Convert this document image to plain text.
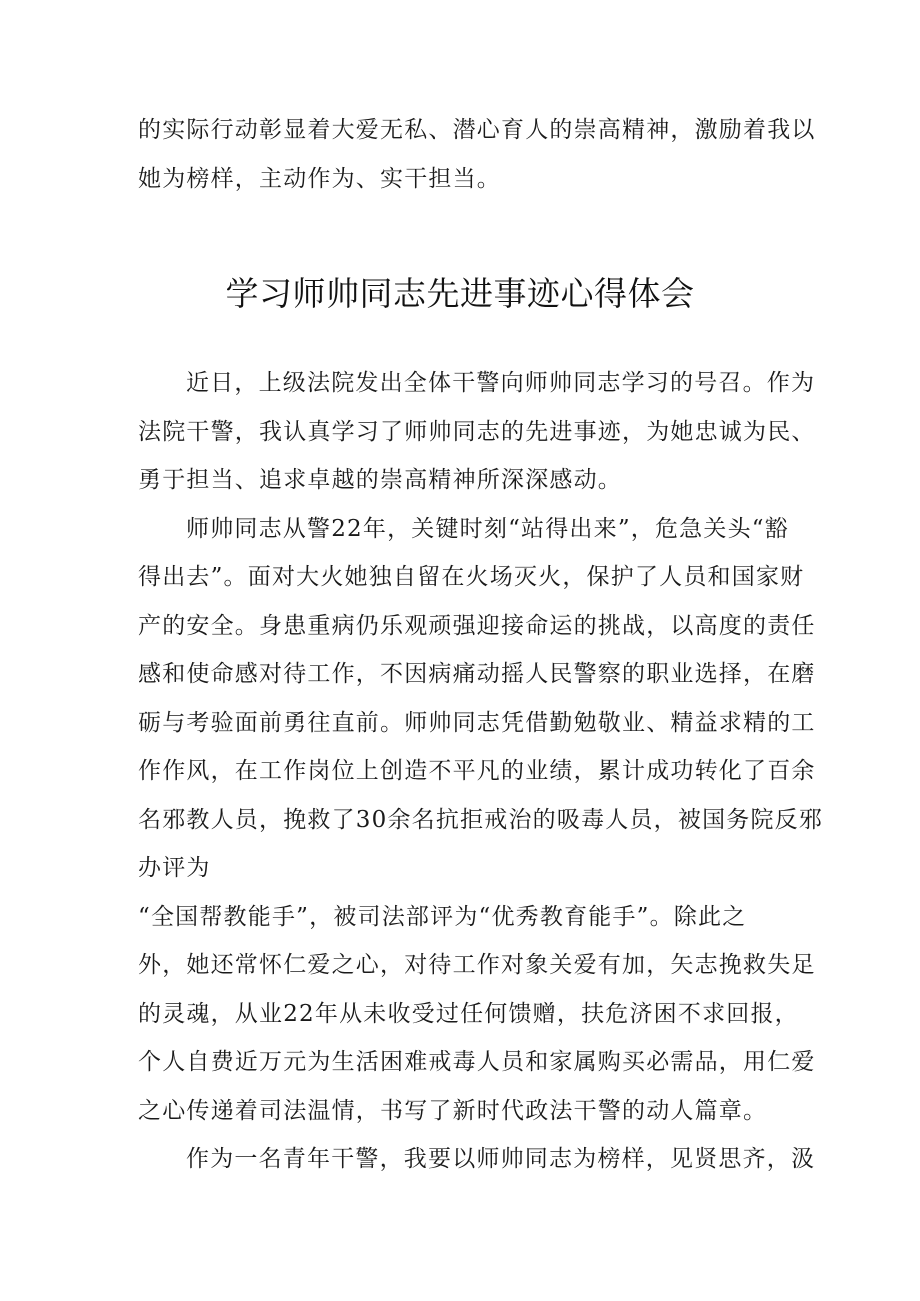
的实际行动彰显着大爱无私、潜心育人的崇高精神，激励着我以
她为榜样，主动作为、实干担当。
学习师帅同志先进事迹心得体会
近日，上级法院发出全体干警向师帅同志学习的号召。作为
法院干警，我认真学习了师帅同志的先进事迹，为她忠诚为民、
勇于担当、追求卓越的崇高精神所深深感动。
师帅同志从警22年，关键时刻“站得出来”，危急关头“豁
得出去”。面对大火她独自留在火场灭火，保护了人员和国家财
产的安全。身患重病仍乐观顽强迎接命运的挑战，以高度的责任
感和使命感对待工作，不因病痛动摇人民警察的职业选择，在磨
砺与考验面前勇往直前。师帅同志凭借勤勉敬业、精益求精的工
作作风，在工作岗位上创造不平凡的业绩，累计成功转化了百余
名邪教人员，挽救了30余名抗拒戒治的吸毒人员，被国务院反邪
办评为
“全国帮教能手”，被司法部评为“优秀教育能手”。除此之
外，她还常怀仁爱之心，对待工作对象关爱有加，矢志挽救失足
的灵魂，从业22年从未收受过任何馈赠，扶危济困不求回报，
个人自费近万元为生活困难戒毒人员和家属购买必需品，用仁爱
之心传递着司法温情，书写了新时代政法干警的动人篇章。
作为一名青年干警，我要以师帅同志为榜样，见贤思齐，汲
